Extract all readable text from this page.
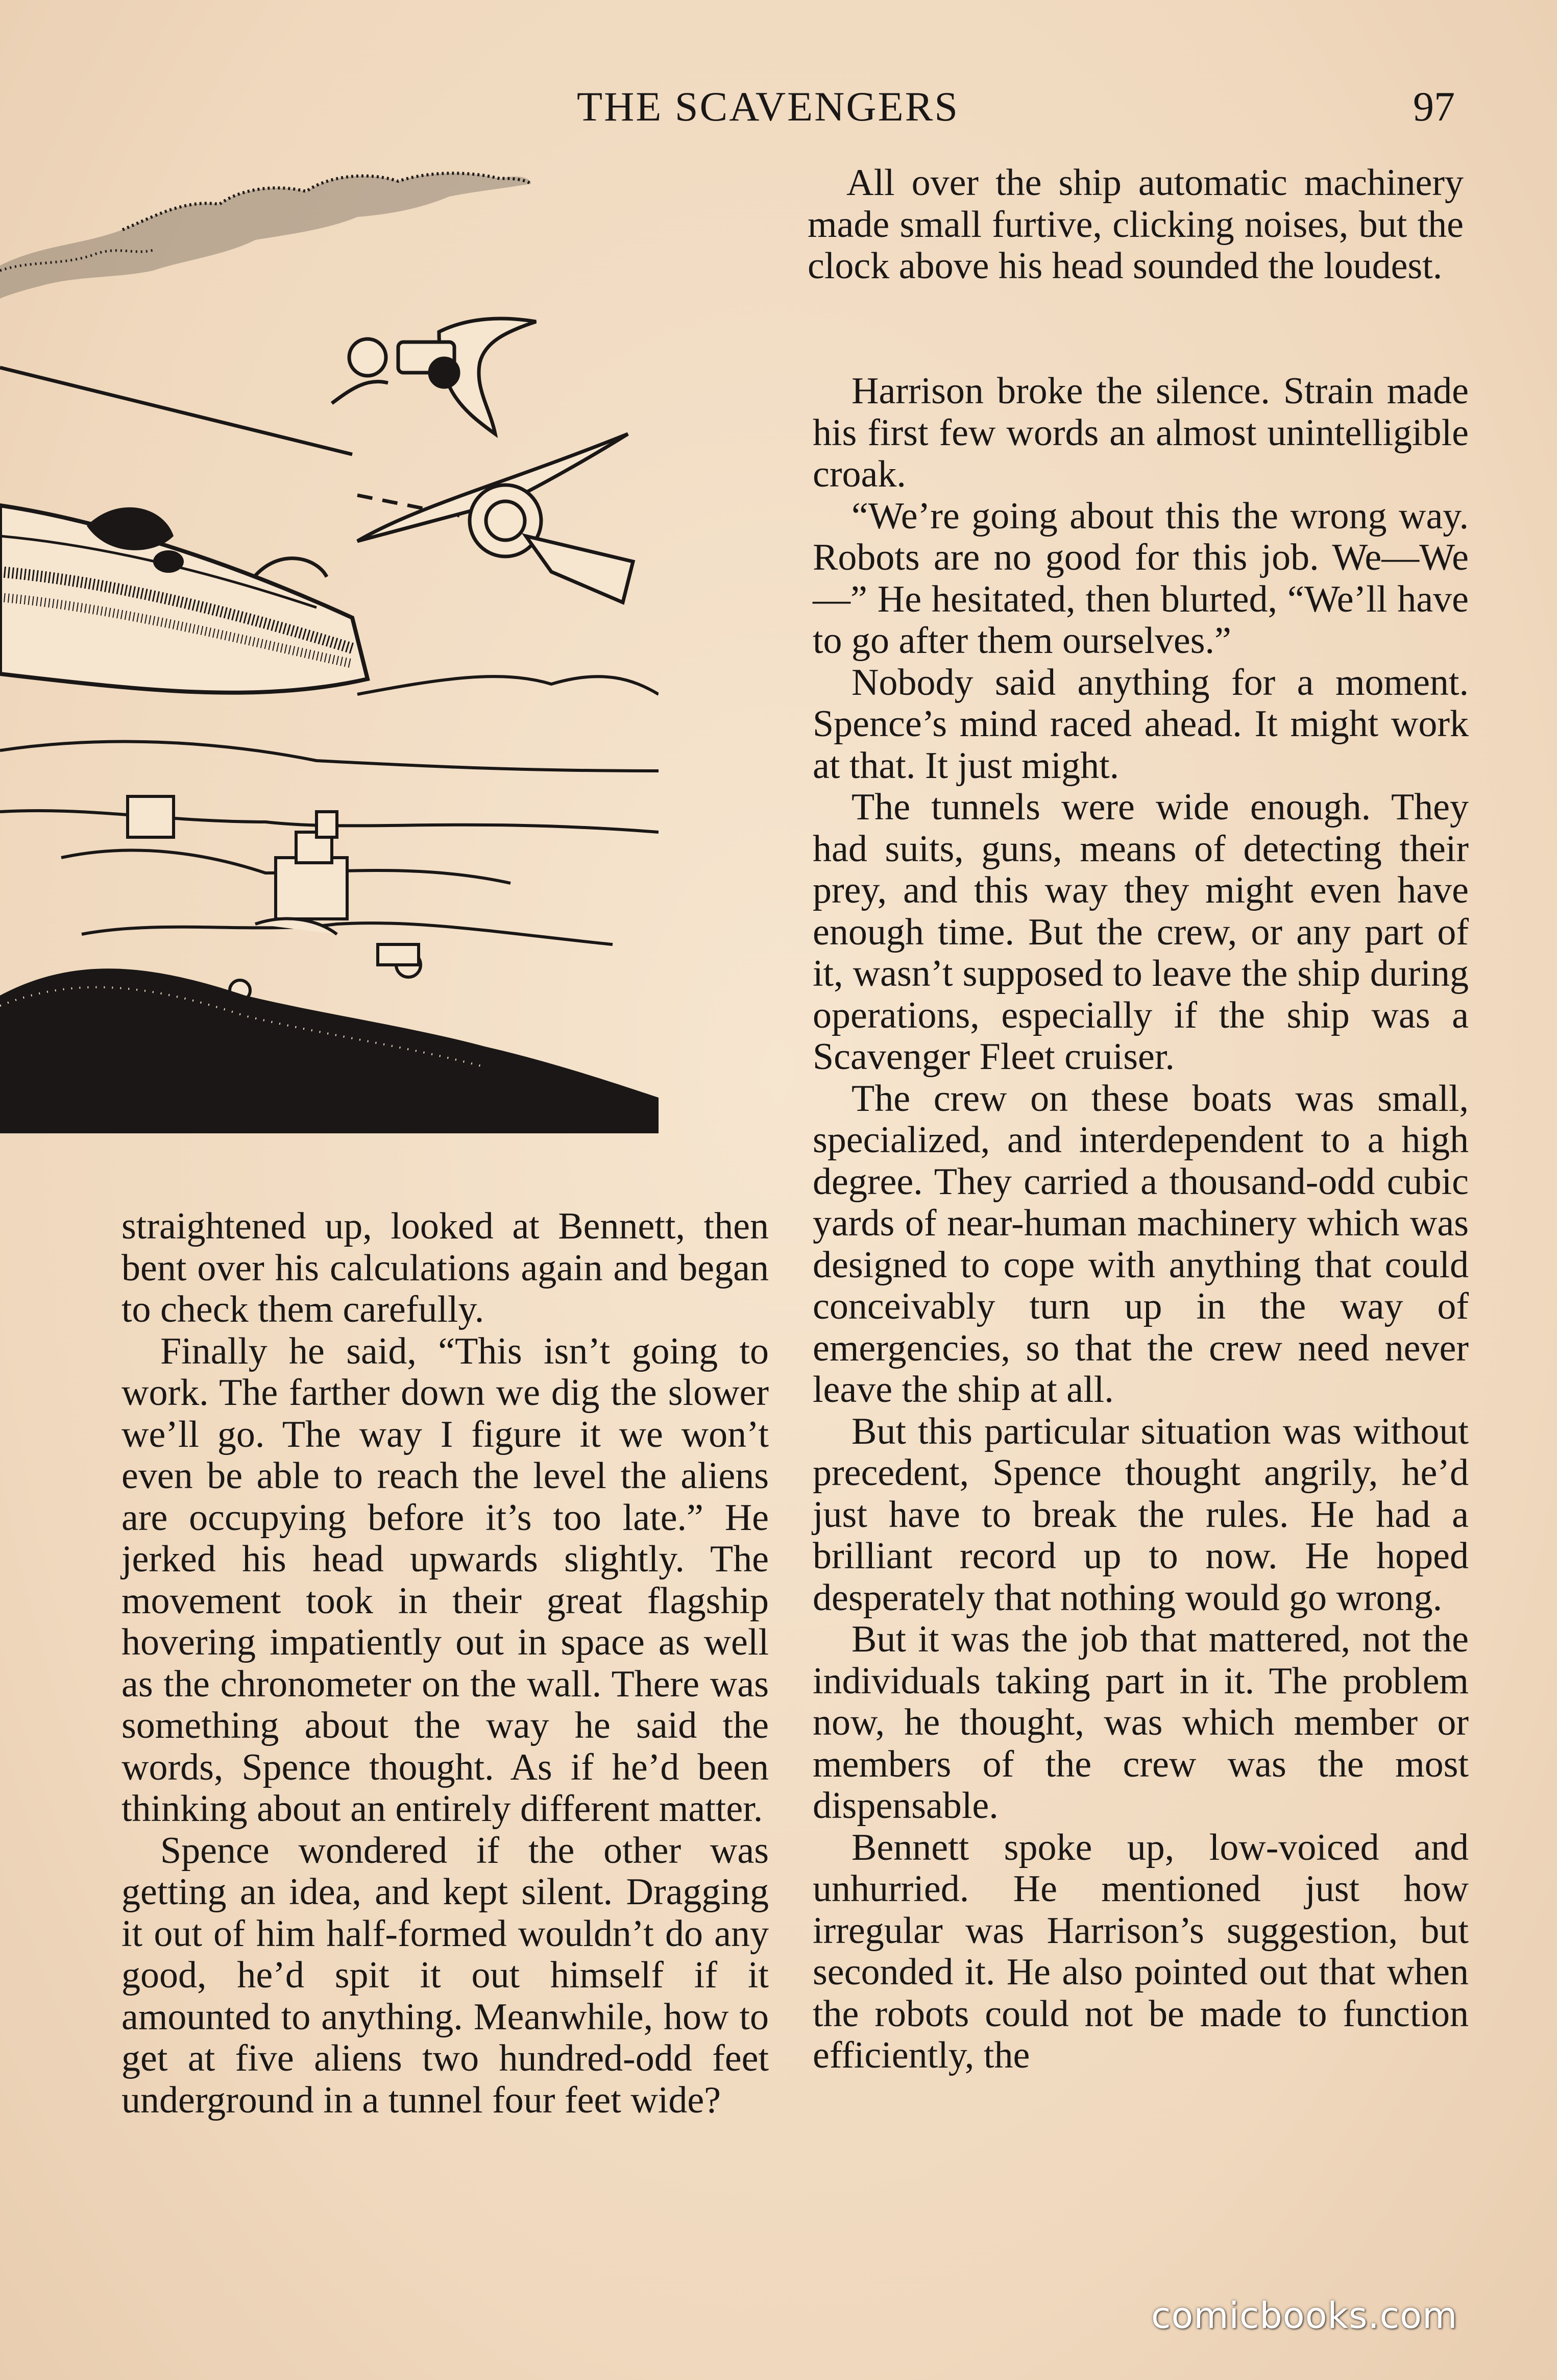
THE SCAVENGERS	97

All over the ship automatic machinery made small furtive, clicking noises, but the clock above his head sounded the loudest.

Harrison broke the silence. Strain made his first few words an almost unintelligible croak.

“We’re going about this the wrong way. Robots are no good for this job. We—We—” He hesitated, then blurted, “We’ll have to go after them ourselves.”

Nobody said anything for a moment. Spence’s mind raced ahead. It might work at that. It just might.

The tunnels were wide enough. They had suits, guns, means of detecting their prey, and this way they might even have enough time. But the crew, or any part of it, wasn’t supposed to leave the ship during operations, especially if the ship was a Scavenger Fleet cruiser.

The crew on these boats was small, specialized, and interdependent to a high degree. They carried a thousand-odd cubic yards of near-human machinery which was designed to cope with anything that could conceivably turn up in the way of emergencies, so that the crew need never leave the ship at all.

But this particular situation was without precedent, Spence thought angrily, he’d just have to break the rules. He had a brilliant record up to now. He hoped desperately that nothing would go wrong.

But it was the job that mattered, not the individuals taking part in it. The problem now, he thought, was which member or members of the crew was the most dispensable.

Bennett spoke up, low-voiced and unhurried. He mentioned just how irregular was Harrison’s suggestion, but seconded it. He also pointed out that when the robots could not be made to function efficiently, the

straightened up, looked at Bennett, then bent over his calculations again and began to check them carefully.

Finally he said, “This isn’t going to work. The farther down we dig the slower we’ll go. The way I figure it we won’t even be able to reach the level the aliens are occupying before it’s too late.” He jerked his head upwards slightly. The movement took in their great flagship hovering impatiently out in space as well as the chronometer on the wall. There was something about the way he said the words, Spence thought. As if he’d been thinking about an entirely different matter.

Spence wondered if the other was getting an idea, and kept silent. Dragging it out of him half-formed wouldn’t do any good, he’d spit it out himself if it amounted to anything. Meanwhile, how to get at five aliens two hundred-odd feet underground in a tunnel four feet wide?

comicbooks.com
